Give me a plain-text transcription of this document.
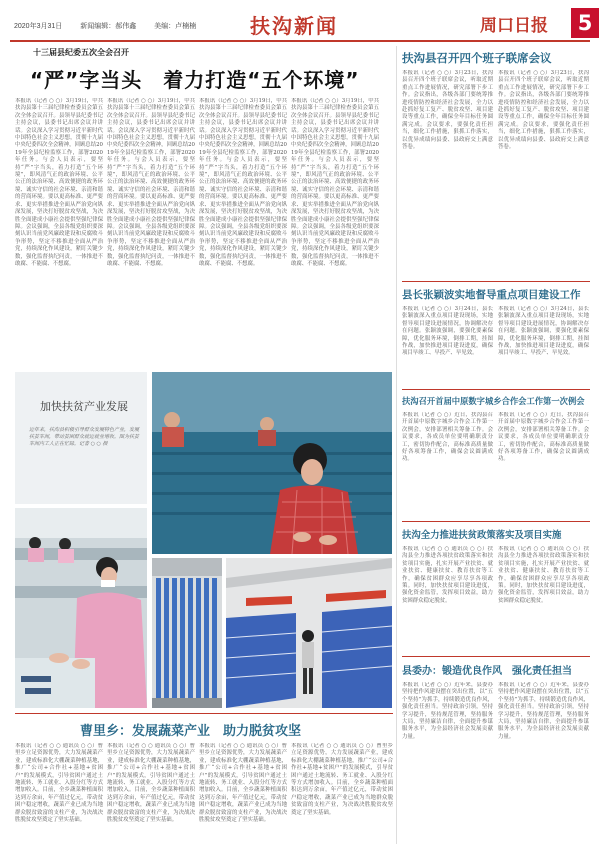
2020年3月31日	新闻编辑：郝伟鑫	美编：卢楠楠	扶沟新闻	周口日报	5
十三届县纪委五次全会召开
“严”字当头　着力打造“五个环境”
本报讯（记者 ○ ○）3月19日，中共扶沟县第十三届纪律检查委员会第五次全体会议召开。县领导县纪委书记主持会议，县委书记出席会议并讲话。会议深入学习贯彻习近平新时代中国特色社会主义思想，贯彻十九届中央纪委四次全会精神，回顾总结2019年全县纪检监察工作，部署2020年任务。与会人员表示，要坚持“严”字当头，着力打造“五个环境”，即风清气正的政治环境、公平公正的法治环境、高效便捷的政务环境、诚实守信的社会环境、亲清和谐的营商环境。要以更高标准、更严要求、更实举措推进全面从严治党向纵深发展，坚决打好脱贫攻坚战，为决胜全面建成小康社会提供坚强纪律保障。会议强调，全县各级党组织要深刻认识当前党风廉政建设和反腐败斗争形势，坚定不移推进全面从严治党，持续深化作风建设，紧盯关键少数，强化监督执纪问责，一体推进不敢腐、不能腐、不想腐。
本报讯（记者 ○ ○）3月19日，中共扶沟县第十三届纪律检查委员会第五次全体会议召开。县领导县纪委书记主持会议，县委书记出席会议并讲话。会议深入学习贯彻习近平新时代中国特色社会主义思想，贯彻十九届中央纪委四次全会精神，回顾总结2019年全县纪检监察工作，部署2020年任务。与会人员表示，要坚持“严”字当头，着力打造“五个环境”，即风清气正的政治环境、公平公正的法治环境、高效便捷的政务环境、诚实守信的社会环境、亲清和谐的营商环境。要以更高标准、更严要求、更实举措推进全面从严治党向纵深发展，坚决打好脱贫攻坚战，为决胜全面建成小康社会提供坚强纪律保障。会议强调，全县各级党组织要深刻认识当前党风廉政建设和反腐败斗争形势，坚定不移推进全面从严治党，持续深化作风建设，紧盯关键少数，强化监督执纪问责，一体推进不敢腐、不能腐、不想腐。
本报讯（记者 ○ ○）3月19日，中共扶沟县第十三届纪律检查委员会第五次全体会议召开。县领导县纪委书记主持会议，县委书记出席会议并讲话。会议深入学习贯彻习近平新时代中国特色社会主义思想，贯彻十九届中央纪委四次全会精神，回顾总结2019年全县纪检监察工作，部署2020年任务。与会人员表示，要坚持“严”字当头，着力打造“五个环境”，即风清气正的政治环境、公平公正的法治环境、高效便捷的政务环境、诚实守信的社会环境、亲清和谐的营商环境。要以更高标准、更严要求、更实举措推进全面从严治党向纵深发展，坚决打好脱贫攻坚战，为决胜全面建成小康社会提供坚强纪律保障。会议强调，全县各级党组织要深刻认识当前党风廉政建设和反腐败斗争形势，坚定不移推进全面从严治党，持续深化作风建设，紧盯关键少数，强化监督执纪问责，一体推进不敢腐、不能腐、不想腐。
本报讯（记者 ○ ○）3月19日，中共扶沟县第十三届纪律检查委员会第五次全体会议召开。县领导县纪委书记主持会议，县委书记出席会议并讲话。会议深入学习贯彻习近平新时代中国特色社会主义思想，贯彻十九届中央纪委四次全会精神，回顾总结2019年全县纪检监察工作，部署2020年任务。与会人员表示，要坚持“严”字当头，着力打造“五个环境”，即风清气正的政治环境、公平公正的法治环境、高效便捷的政务环境、诚实守信的社会环境、亲清和谐的营商环境。要以更高标准、更严要求、更实举措推进全面从严治党向纵深发展，坚决打好脱贫攻坚战，为决胜全面建成小康社会提供坚强纪律保障。会议强调，全县各级党组织要深刻认识当前党风廉政建设和反腐败斗争形势，坚定不移推进全面从严治党，持续深化作风建设，紧盯关键少数，强化监督执纪问责，一体推进不敢腐、不能腐、不想腐。
加快扶贫产业发展
近年来，扶沟县积极引导群众发展特色产业，发展扶贫车间，带动贫困群众就近就业增收。图为扶贫车间内工人正在忙碌。记者 ○ ○ 摄
曹里乡：发展蔬菜产业　助力脱贫攻坚
本报讯（记者 ○ ○ 通讯员 ○ ○）曹里乡立足资源优势，大力发展蔬菜产业，建成标准化大棚蔬菜种植基地，推广“公司+合作社+基地+贫困户”的发展模式，引导贫困户通过土地流转、务工就业、入股分红等方式增加收入。目前，全乡蔬菜种植面积达到万余亩，年产值过亿元，带动贫困户稳定增收，蔬菜产业已成为当地群众脱贫致富的支柱产业，为决战决胜脱贫攻坚奠定了坚实基础。
本报讯（记者 ○ ○ 通讯员 ○ ○）曹里乡立足资源优势，大力发展蔬菜产业，建成标准化大棚蔬菜种植基地，推广“公司+合作社+基地+贫困户”的发展模式，引导贫困户通过土地流转、务工就业、入股分红等方式增加收入。目前，全乡蔬菜种植面积达到万余亩，年产值过亿元，带动贫困户稳定增收，蔬菜产业已成为当地群众脱贫致富的支柱产业，为决战决胜脱贫攻坚奠定了坚实基础。
本报讯（记者 ○ ○ 通讯员 ○ ○）曹里乡立足资源优势，大力发展蔬菜产业，建成标准化大棚蔬菜种植基地，推广“公司+合作社+基地+贫困户”的发展模式，引导贫困户通过土地流转、务工就业、入股分红等方式增加收入。目前，全乡蔬菜种植面积达到万余亩，年产值过亿元，带动贫困户稳定增收，蔬菜产业已成为当地群众脱贫致富的支柱产业，为决战决胜脱贫攻坚奠定了坚实基础。
本报讯（记者 ○ ○ 通讯员 ○ ○）曹里乡立足资源优势，大力发展蔬菜产业，建成标准化大棚蔬菜种植基地，推广“公司+合作社+基地+贫困户”的发展模式，引导贫困户通过土地流转、务工就业、入股分红等方式增加收入。目前，全乡蔬菜种植面积达到万余亩，年产值过亿元，带动贫困户稳定增收，蔬菜产业已成为当地群众脱贫致富的支柱产业，为决战决胜脱贫攻坚奠定了坚实基础。
扶沟县召开四个班子联席会议
本报讯（记者 ○ ○）3月23日，扶沟县召开四个班子联席会议，听取近期重点工作进展情况，研究部署下步工作。会议指出，各级各部门要统筹推进疫情防控和经济社会发展，全力以赴抓好复工复产、脱贫攻坚、项目建设等重点工作，确保全年目标任务圆满完成。会议要求，要强化责任担当，细化工作措施，狠抓工作落实，以优异成绩向县委、县政府交上满意答卷。
本报讯（记者 ○ ○）3月23日，扶沟县召开四个班子联席会议，听取近期重点工作进展情况，研究部署下步工作。会议指出，各级各部门要统筹推进疫情防控和经济社会发展，全力以赴抓好复工复产、脱贫攻坚、项目建设等重点工作，确保全年目标任务圆满完成。会议要求，要强化责任担当，细化工作措施，狠抓工作落实，以优异成绩向县委、县政府交上满意答卷。
县长张颖波实地督导重点项目建设工作
本报讯（记者 ○ ○）3月24日，县长张颖波深入重点项目建设现场，实地督导项目建设进展情况，协调解决存在问题。张颖波强调，要强化要素保障，优化服务环境，倒排工期，挂图作战，加快推进项目建设进度，确保项目早竣工、早投产、早见效。
本报讯（记者 ○ ○）3月24日，县长张颖波深入重点项目建设现场，实地督导项目建设进展情况，协调解决存在问题。张颖波强调，要强化要素保障，优化服务环境，倒排工期，挂图作战，加快推进项目建设进度，确保项目早竣工、早投产、早见效。
扶沟召开首届中原数字城乡合作会工作第一次例会
本报讯（记者 ○ ○）近日，扶沟县召开首届中原数字城乡合作会工作第一次例会，安排部署相关筹备工作。会议要求，各成员单位要明确职责分工，密切协作配合，高标准高质量做好各项筹备工作，确保会议圆满成功。
本报讯（记者 ○ ○）近日，扶沟县召开首届中原数字城乡合作会工作第一次例会，安排部署相关筹备工作。会议要求，各成员单位要明确职责分工，密切协作配合，高标准高质量做好各项筹备工作，确保会议圆满成功。
扶沟全力推进扶贫政策落实及项目实施
本报讯（记者 ○ ○ 通讯员 ○ ○）扶沟县全力推进各项扶贫政策落实和扶贫项目实施，扎实开展产业扶贫、就业扶贫、健康扶贫、教育扶贫等工作，确保贫困群众应享尽享各项政策。同时，加快扶贫项目建设进度，强化资金监管，发挥项目效益，助力贫困群众稳定脱贫。
本报讯（记者 ○ ○ 通讯员 ○ ○）扶沟县全力推进各项扶贫政策落实和扶贫项目实施，扎实开展产业扶贫、就业扶贫、健康扶贫、教育扶贫等工作，确保贫困群众应享尽享各项政策。同时，加快扶贫项目建设进度，强化资金监管，发挥项目效益，助力贫困群众稳定脱贫。
县委办：锻造优良作风　强化责任担当
本报讯（记者 ○ ○）近年来，县委办坚持把作风建设摆在突出位置，以“五个坚持”为抓手，持续锻造优良作风，强化责任担当。坚持政治引领，坚持学习提升，坚持规范管理，坚持服务大局，坚持廉洁自律，全面提升参谋服务水平，为全县经济社会发展贡献力量。
本报讯（记者 ○ ○）近年来，县委办坚持把作风建设摆在突出位置，以“五个坚持”为抓手，持续锻造优良作风，强化责任担当。坚持政治引领，坚持学习提升，坚持规范管理，坚持服务大局，坚持廉洁自律，全面提升参谋服务水平，为全县经济社会发展贡献力量。
